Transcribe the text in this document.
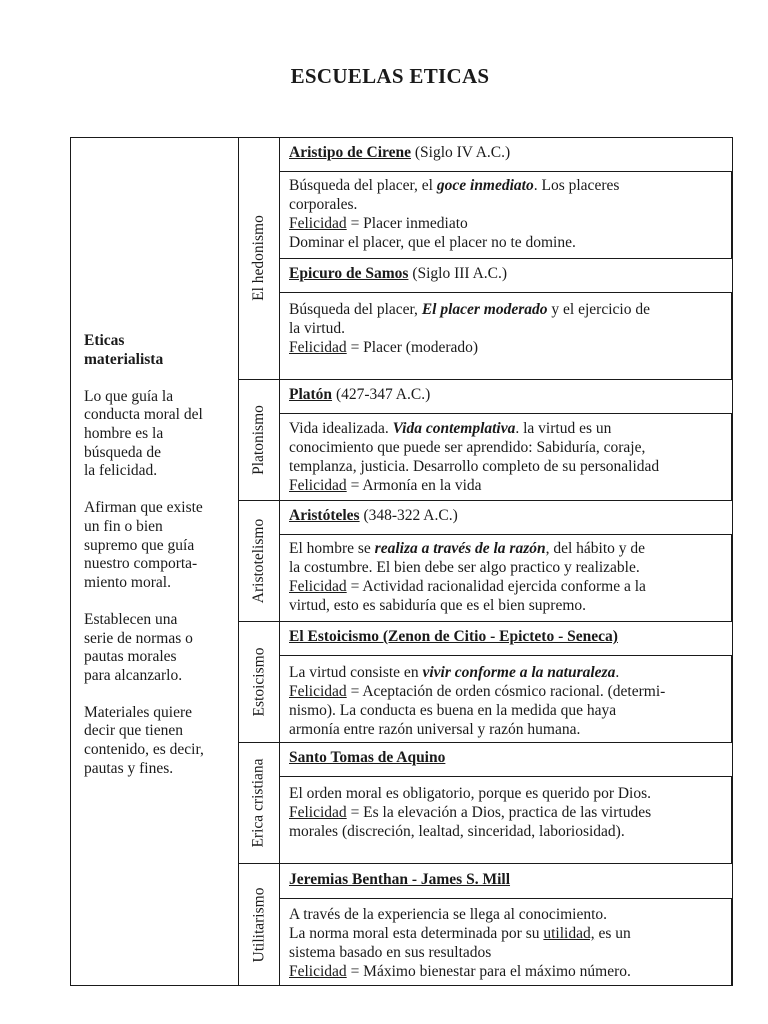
ESCUELAS ETICAS

Eticas
materialista

Lo que guía la
conducta moral del
hombre es la
búsqueda de
la felicidad.

Afirman que existe
un fin o bien
supremo que guía
nuestro comporta-
miento moral.

Establecen una
serie de normas o
pautas morales
para alcanzarlo.

Materiales quiere
decir que tienen
contenido, es decir,
pautas y fines.

El hedonismo
Platonismo
Aristotelismo
Estoicismo
Erica cristiana
Utilitarismo
Aristipo de Cirene (Siglo IV A.C.)
Búsqueda del placer, el goce inmediato. Los placeres
corporales.
Felicidad = Placer inmediato
Dominar el placer, que el placer no te domine.
Epicuro de Samos (Siglo III A.C.)
Búsqueda del placer, El placer moderado y el ejercicio de
la virtud.
Felicidad = Placer (moderado)
Platón (427-347 A.C.)
Vida idealizada. Vida contemplativa. la virtud es un
conocimiento que puede ser aprendido: Sabiduría, coraje,
templanza, justicia. Desarrollo completo de su personalidad
Felicidad = Armonía en la vida
Aristóteles (348-322 A.C.)
El hombre se realiza a través de la razón, del hábito y de
la costumbre. El bien debe ser algo practico y realizable.
Felicidad = Actividad racionalidad ejercida conforme a la
virtud, esto es sabiduría que es el bien supremo.
El Estoicismo (Zenon de Citio - Epicteto - Seneca)
La virtud consiste en vivir conforme a la naturaleza.
Felicidad = Aceptación de orden cósmico racional. (determi-
nismo). La conducta es buena en la medida que haya
armonía entre razón universal y razón humana.
Santo Tomas de Aquino
El orden moral es obligatorio, porque es querido por Dios.
Felicidad = Es la elevación a Dios, practica de las virtudes
morales (discreción, lealtad, sinceridad, laboriosidad).
Jeremias Benthan - James S. Mill
A través de la experiencia se llega al conocimiento.
La norma moral esta determinada por su utilidad, es un
sistema basado en sus resultados
Felicidad = Máximo bienestar para el máximo número.
